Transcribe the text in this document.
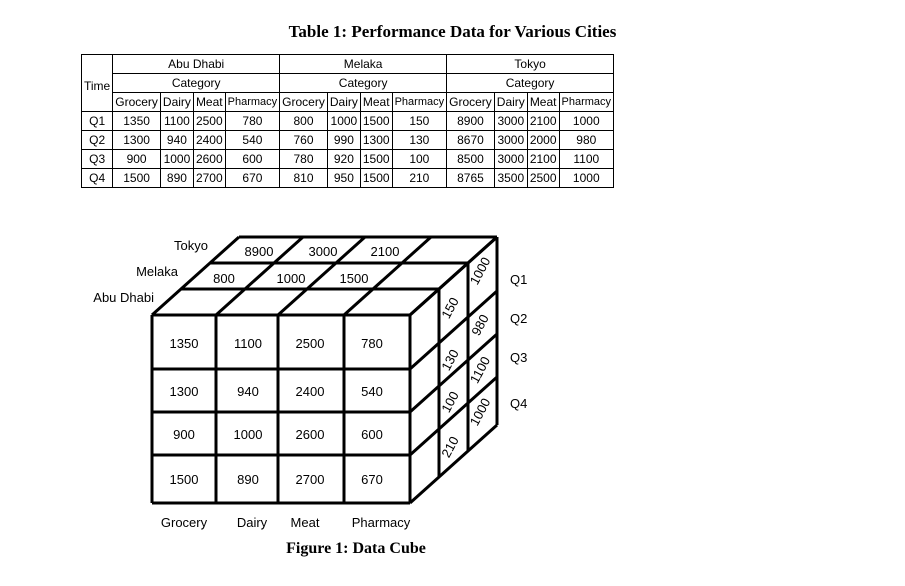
Table 1: Performance Data for Various Cities
Time	Abu Dhabi				Melaka				Tokyo			
	Category				Category				Category			
	Grocery	Dairy	Meat	Pharmacy	Grocery	Dairy	Meat	Pharmacy	Grocery	Dairy	Meat	Pharmacy
Q1	1350	1100	2500	780	800	1000	1500	150	8900	3000	2100	1000
Q2	1300	940	2400	540	760	990	1300	130	8670	3000	2000	980
Q3	900	1000	2600	600	780	920	1500	100	8500	3000	2100	1100
Q4	1500	890	2700	670	810	950	1500	210	8765	3500	2500	1000
1350	1100	2500	780
1300	940	2400	540
900	1000	2600	600
1500	890	2700	670
800	1000	1500
8900	3000	2100
150
130
100
210
1000
980
1100
1000
Tokyo
Melaka
Abu Dhabi
Q1
Q2
Q3
Q4
Grocery Dairy Meat Pharmacy
Figure 1: Data Cube
